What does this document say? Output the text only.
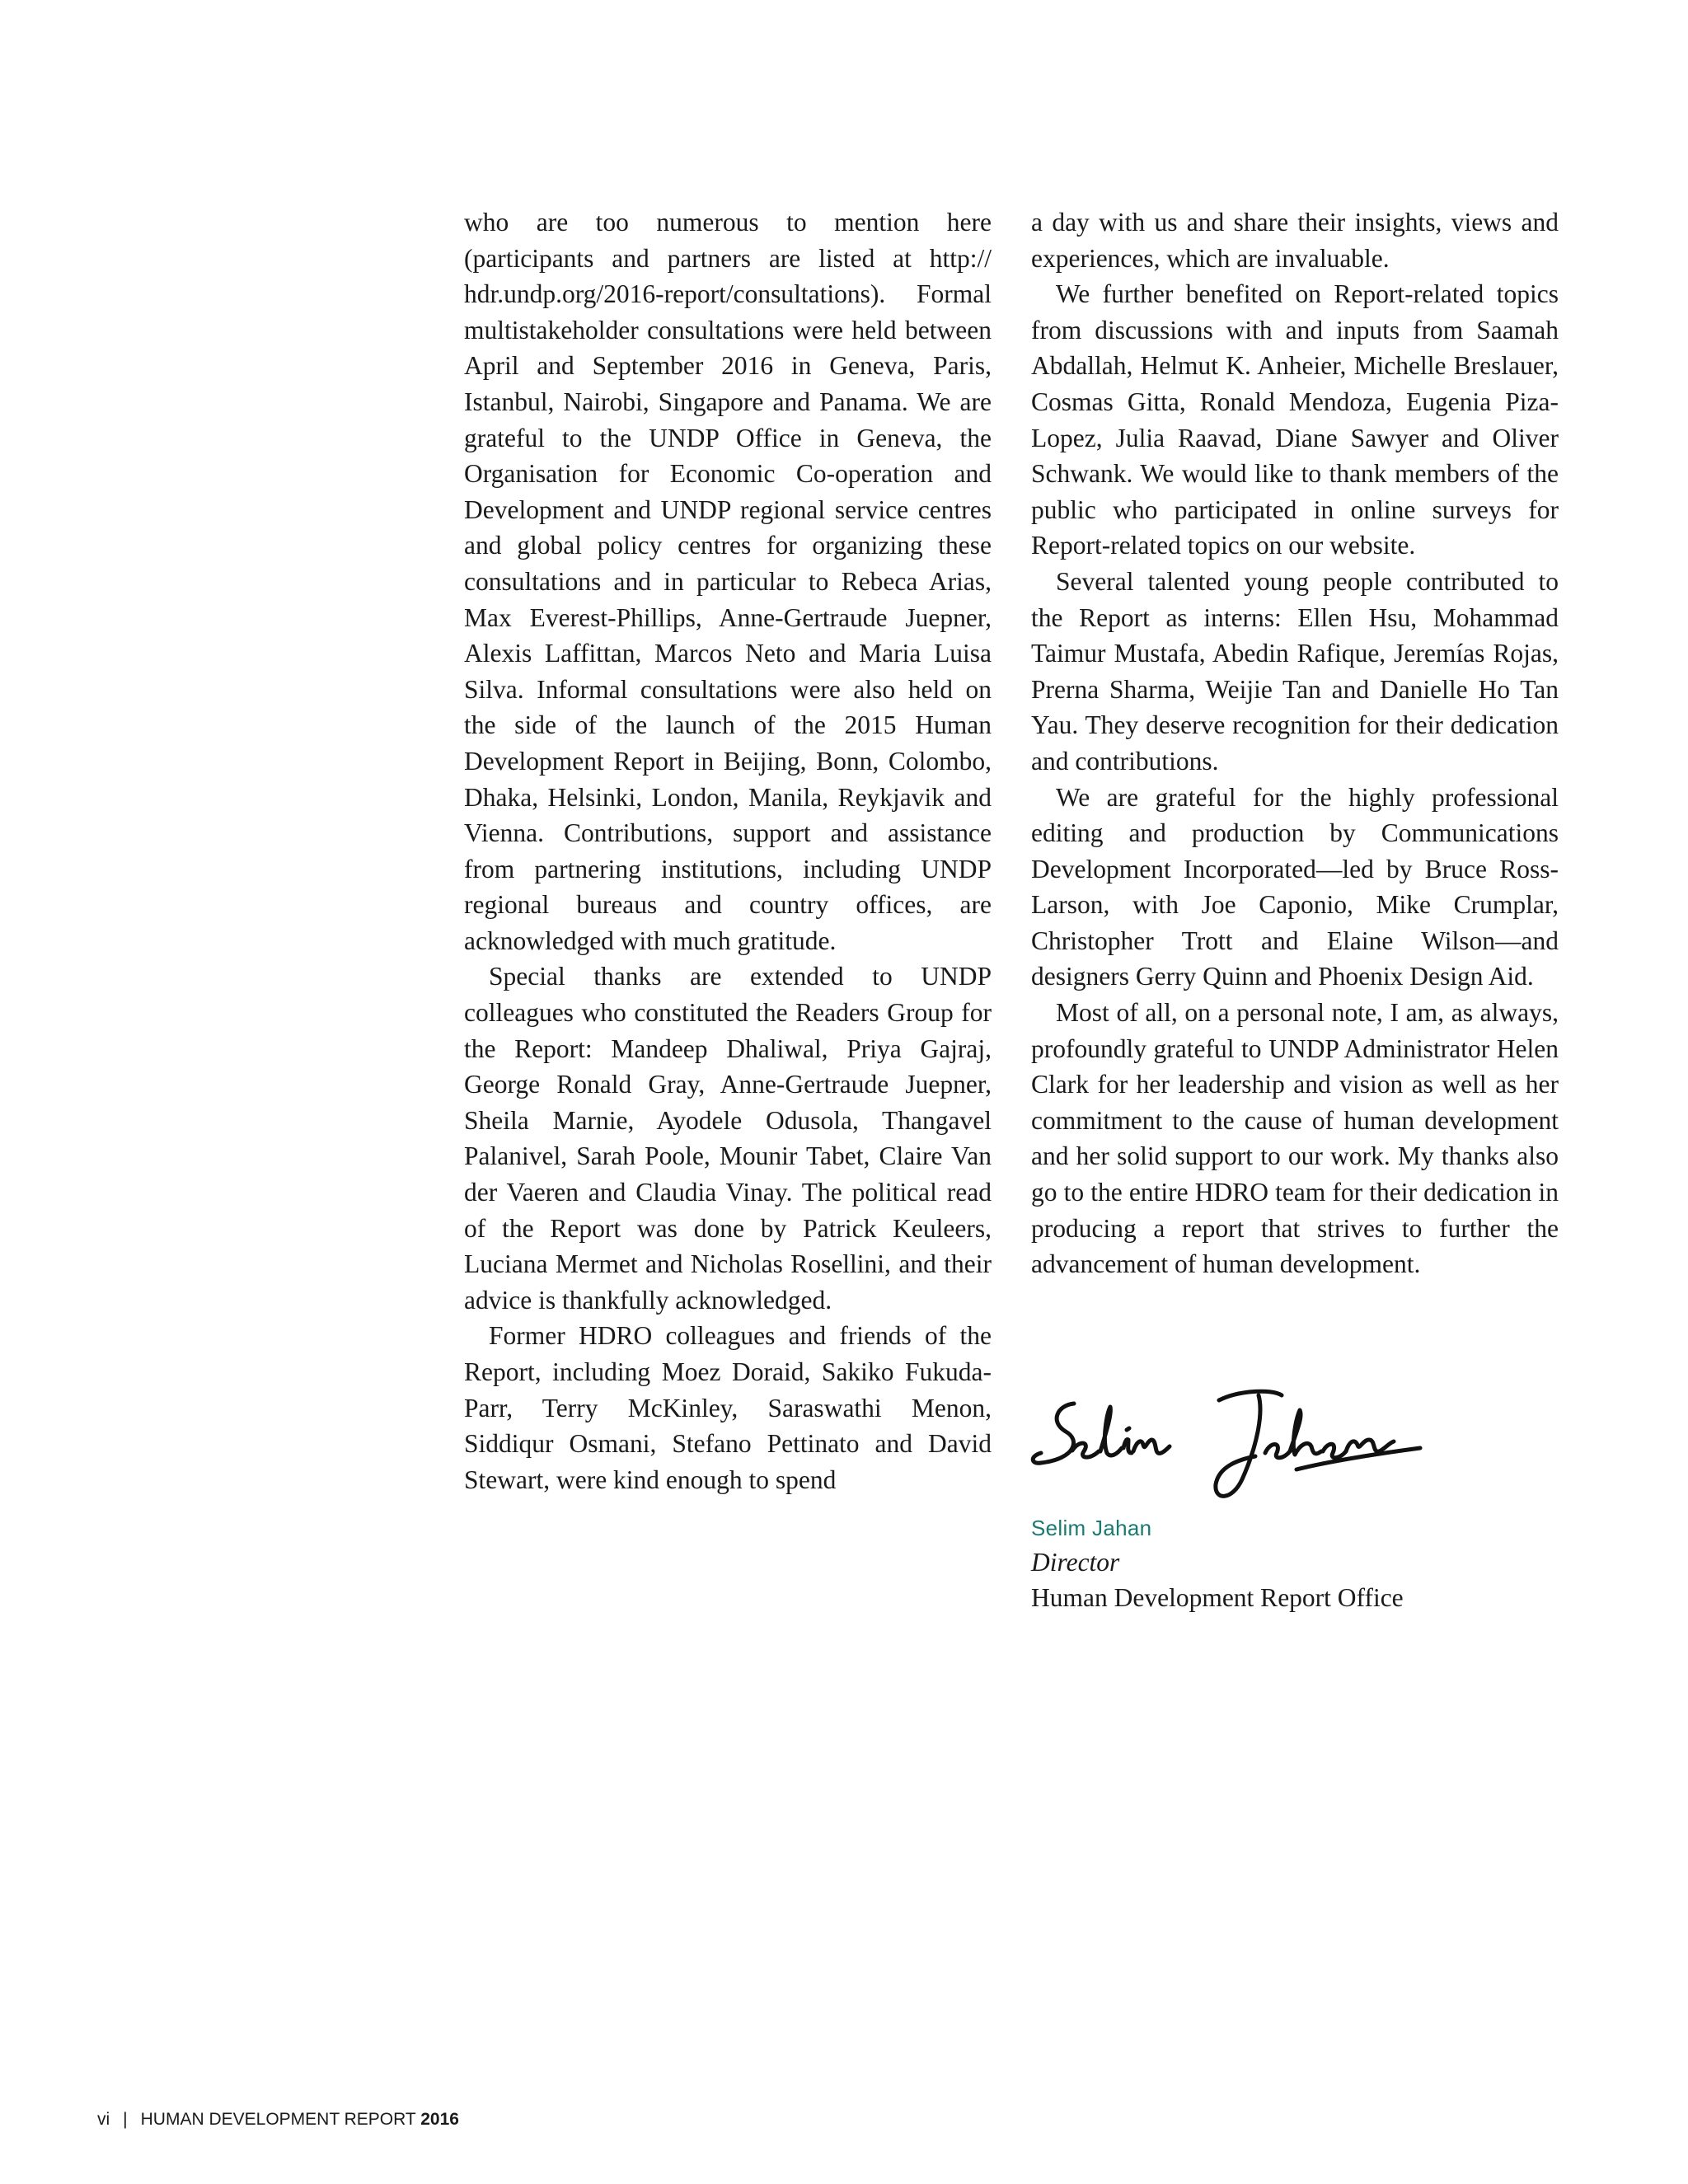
who are too numerous to mention here (participants and partners are listed at http://​hdr.undp.org/2016-report/consultations). Formal multistakeholder consultations were held between April and September 2016 in Geneva, Paris, Istanbul, Nairobi, Singapore and Panama. We are grateful to the UNDP Office in Geneva, the Organisation for Economic Co-operation and Development and UNDP regional service centres and global policy centres for organizing these consultations and in particular to Rebeca Arias, Max Everest-Phillips, Anne-Gertraude Juepner, Alexis Laffittan, Marcos Neto and Maria Luisa Silva. Informal consultations were also held on the side of the launch of the 2015 Human Development Report in Beijing, Bonn, Colombo, Dhaka, Helsinki, London, Manila, Reykjavik and Vienna. Contributions, support and assistance from partnering institutions, including UNDP regional bureaus and country offices, are acknowledged with much gratitude.

Special thanks are extended to UNDP colleagues who constituted the Readers Group for the Report: Mandeep Dhaliwal, Priya Gajraj, George Ronald Gray, Anne-Gertraude Juepner, Sheila Marnie, Ayodele Odusola, Thangavel Palanivel, Sarah Poole, Mounir Tabet, Claire Van der Vaeren and Claudia Vinay. The political read of the Report was done by Patrick Keuleers, Luciana Mermet and Nicholas Rosellini, and their advice is thankfully acknowledged.

Former HDRO colleagues and friends of the Report, including Moez Doraid, Sakiko Fukuda-Parr, Terry McKinley, Saraswathi Menon, Siddiqur Osmani, Stefano Pettinato and David Stewart, were kind enough to spend

a day with us and share their insights, views and experiences, which are invaluable.

We further benefited on Report-related topics from discussions with and inputs from Saamah Abdallah, Helmut K. Anheier, Michelle Breslauer, Cosmas Gitta, Ronald Mendoza, Eugenia Piza-Lopez, Julia Raavad, Diane Sawyer and Oliver Schwank. We would like to thank members of the public who participated in online surveys for Report-related topics on our website.

Several talented young people contributed to the Report as interns: Ellen Hsu, Mohammad Taimur Mustafa, Abedin Rafique, Jeremías Rojas, Prerna Sharma, Weijie Tan and Danielle Ho Tan Yau. They deserve recognition for their dedication and contributions.

We are grateful for the highly professional editing and production by Communications Development Incorporated—led by Bruce Ross-Larson, with Joe Caponio, Mike Crumplar, Christopher Trott and Elaine Wilson—and designers Gerry Quinn and Phoenix Design Aid.

Most of all, on a personal note, I am, as always, profoundly grateful to UNDP Administrator Helen Clark for her leadership and vision as well as her commitment to the cause of human development and her solid support to our work. My thanks also go to the entire HDRO team for their dedication in producing a report that strives to further the advancement of human development.

Selim Jahan
Director
Human Development Report Office
vi | HUMAN DEVELOPMENT REPORT 2016
